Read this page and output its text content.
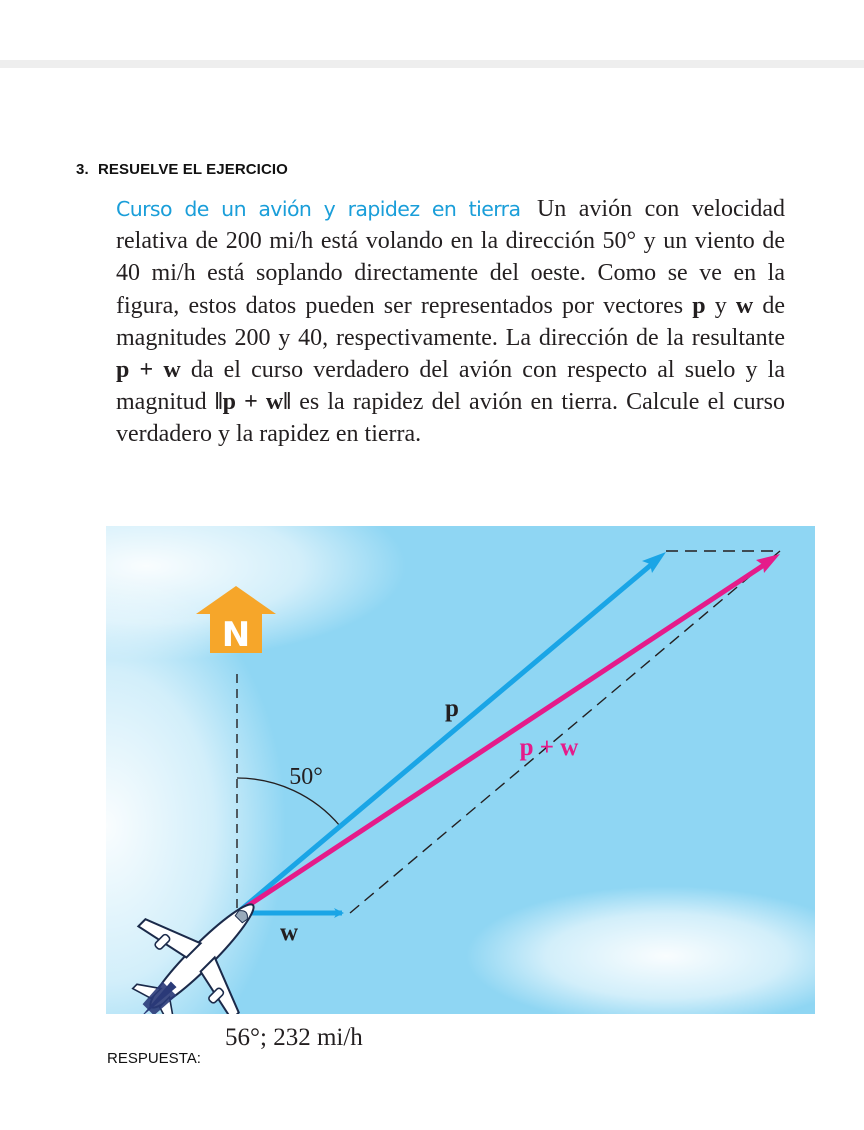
3. RESUELVE EL EJERCICIO

Curso de un avión y rapidez en tierra Un avión con velocidad relativa de 200 mi/h está volando en la dirección 50° y un viento de 40 mi/h está soplando directamente del oeste. Como se ve en la figura, estos datos pueden ser representados por vectores p y w de magnitudes 200 y 40, respectivamente. La dirección de la resultante p + w da el curso verdadero del avión con respecto al suelo y la magnitud ‖p + w‖ es la rapidez del avión en tierra. Calcule el curso verdadero y la rapidez en tierra.

N
50°
p
p + w
w

RESPUESTA:

56°; 232 mi/h
